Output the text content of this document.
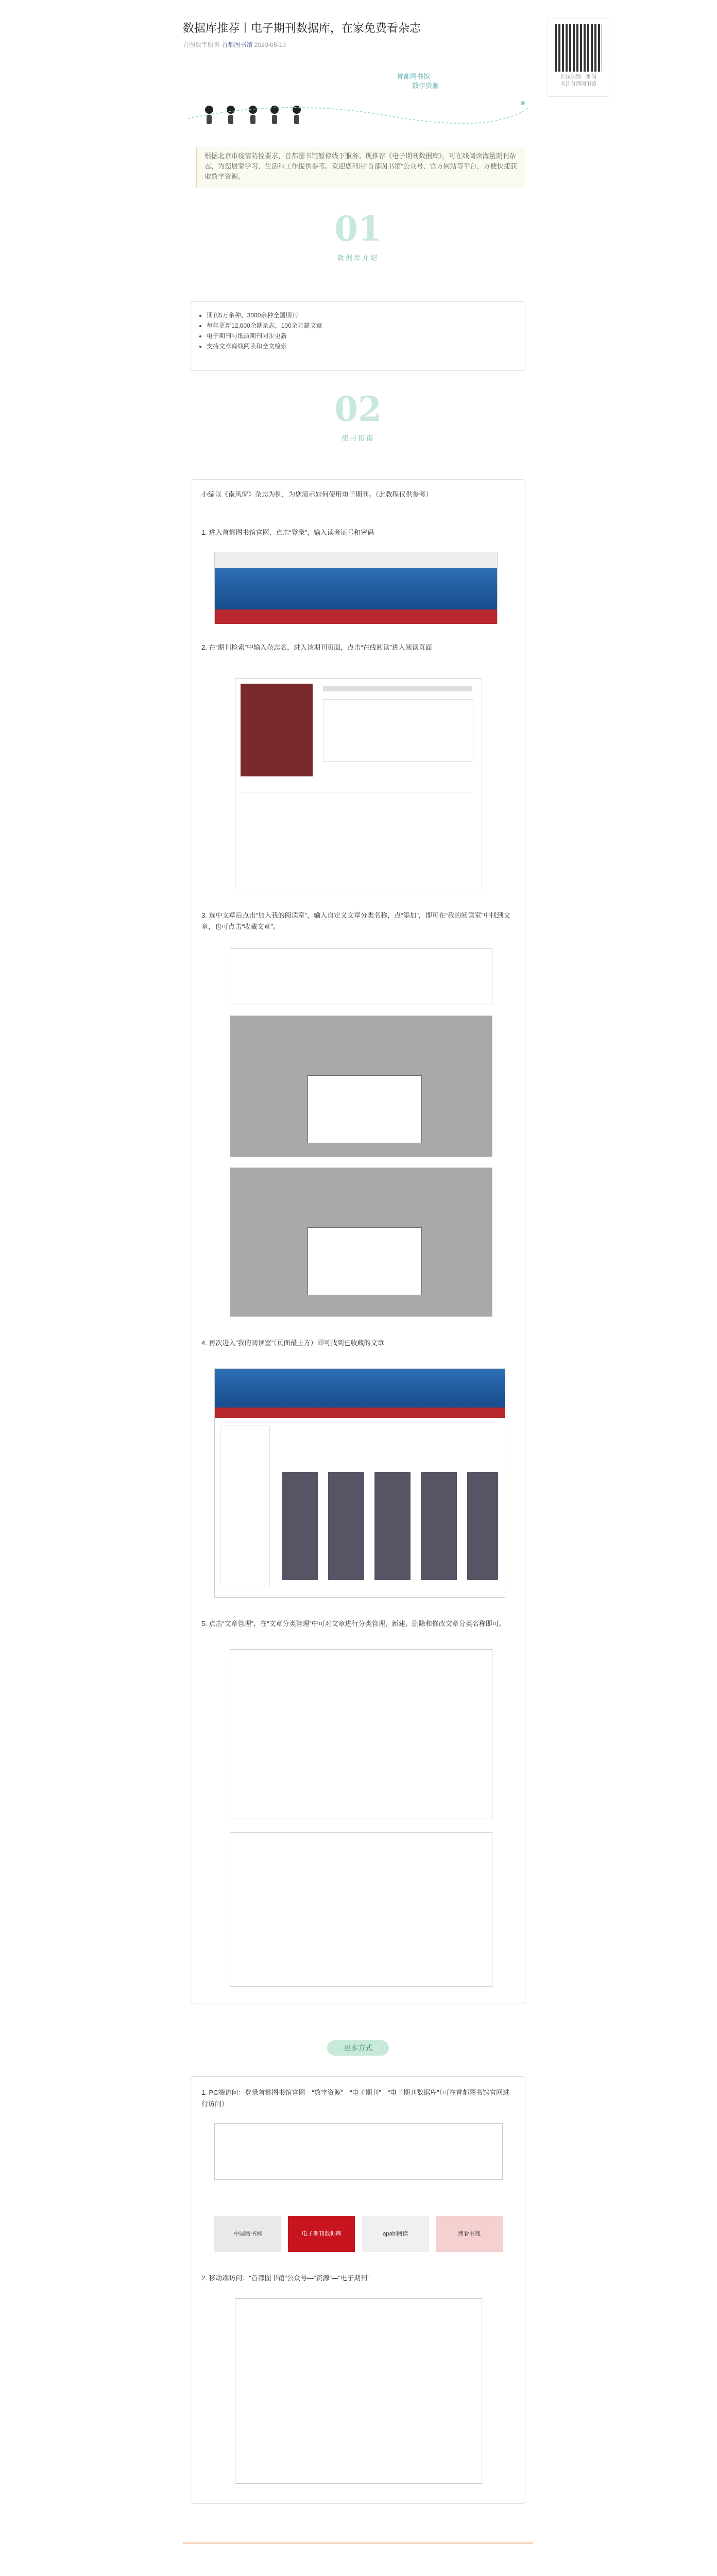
数据库推荐丨电子期刊数据库，在家免费看杂志
首图数字服务 首都图书馆 2020-05-10
长按识别二维码
关注首都图书馆
首都图书馆
数字资源

根据北京市疫情防控要求，首都图书馆暂停线下服务。现推荐《电子期刊数据库》，可在线阅读海量期刊杂志，为您居家学习、生活和工作提供参考。欢迎您利用“首都图书馆”公众号、官方网站等平台，方便快捷获取数字资源。
01
数据库介绍
• 期刊5万余种、3000余种全国期刊
• 每年更新12,000余期杂志，100余万篇文章
• 电子期刊与纸质期刊同步更新
• 支持文章离线阅读和全文检索
02
使用指南
小编以《南风窗》杂志为例，为您演示如何使用电子期刊。（此教程仅供参考）
1. 进入首都图书馆官网，点击“登录”，输入读者证号和密码
2. 在“期刊检索”中输入杂志名，进入该期刊页面，点击“在线阅读”进入阅读页面
3. 选中文章后点击“加入我的阅读室”，输入自定义文章分类名称，点“添加”，即可在“我的阅读室”中找到文章，也可点击“收藏文章”。
4. 再次进入“我的阅读室”（页面最上方）即可找到已收藏的文章
5. 点击“文章管理”，在“文章分类管理”中可对文章进行分类管理，新建、删除和修改文章分类名称即可。
更多方式
1. PC端访问：登录首都图书馆官网—“数字资源”—“电子期刊”—“电子期刊数据库”（可在首都图书馆官网进行访问）
中国图书网	电子期刊数据库	apabi阅读	博看书苑
2. 移动端访问：“首都图书馆”公众号—“资源”—“电子期刊”
